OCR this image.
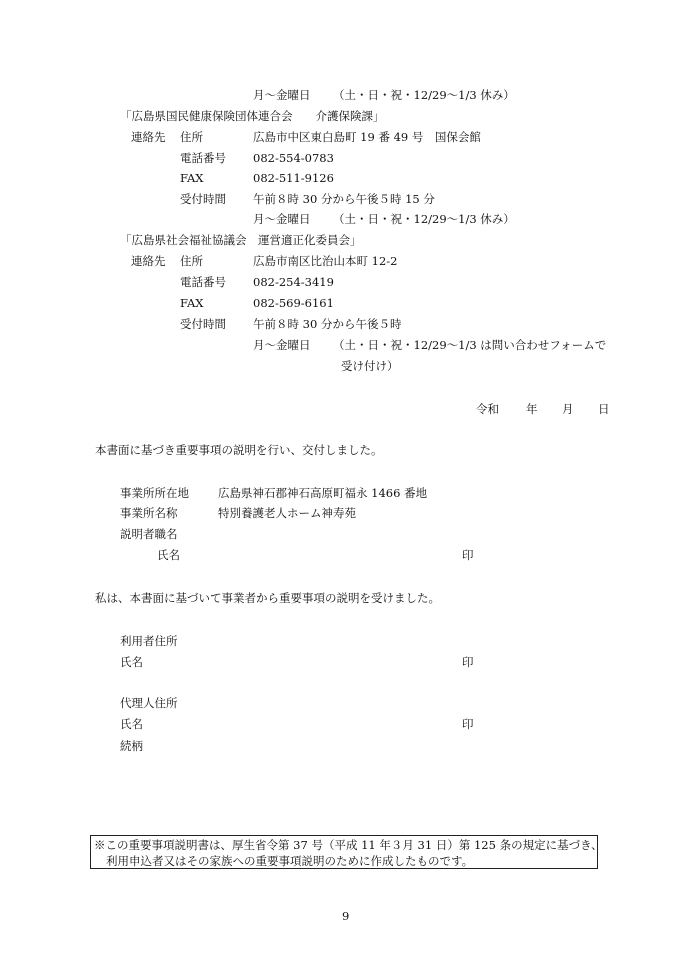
月～金曜日 （土・日・祝・12/29～1/3 休み）
「広島県国民健康保険団体連合会　　介護保険課」
連絡先 住所	広島市中区東白島町 19 番 49 号　国保会館
電話番号 082-554-0783
FAX	082-511-9126
受付時間 午前８時 30 分から午後５時 15 分
月～金曜日 （土・日・祝・12/29～1/3 休み）
「広島県社会福祉協議会　運営適正化委員会」
連絡先 住所	広島市南区比治山本町 12-2
電話番号 082-254-3419
FAX	082-569-6161
受付時間 午前８時 30 分から午後５時
月～金曜日 （土・日・祝・12/29～1/3 は問い合わせフォームで
受け付け）
令和 年 月 日
本書面に基づき重要事項の説明を行い、交付しました。
事業所所在地	広島県神石郡神石高原町福永 1466 番地
事業所名称	特別養護老人ホーム神寿苑
説明者職名
氏名	印
私は、本書面に基づいて事業者から重要事項の説明を受けました。
利用者住所
氏名	印
代理人住所
氏名	印
続柄
※この重要事項説明書は、厚生省令第 37 号（平成 11 年３月 31 日）第 125 条の規定に基づき、
利用申込者又はその家族への重要事項説明のために作成したものです。
9
